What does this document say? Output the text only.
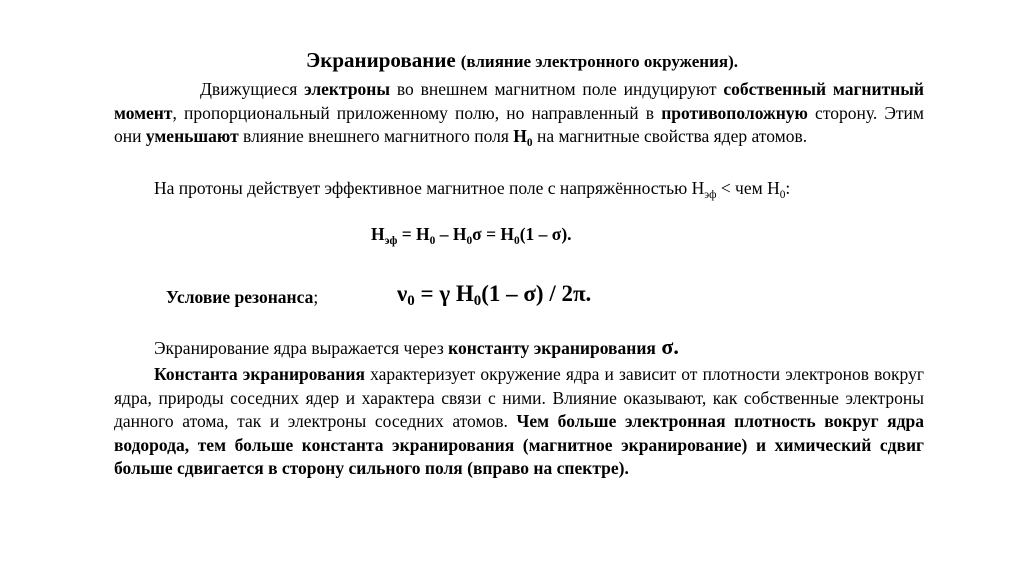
Экранирование (влияние электронного окружения).
Движущиеся электроны во внешнем магнитном поле индуцируют собственный магнитный момент, пропорциональный приложенному полю, но направленный в противоположную сторону. Этим они уменьшают влияние внешнего магнитного поля $H_0$ на магнитные свойства ядер атомов.
На протоны действует эффективное магнитное поле с напряжённостью $H_{эф}$ < чем $H_0$:
$H_{эф} = H_0 - H_0\sigma = H_0(1 - \sigma)$.
Условие резонанса;	$\nu_0 = \gamma$ $H_0(1 - \sigma) / 2\pi$.
Экранирование ядра выражается через константу экранирования σ.
Константа экранирования характеризует окружение ядра и зависит от плотности электронов вокруг ядра, природы соседних ядер и характера связи с ними. Влияние оказывают, как собственные электроны данного атома, так и электроны соседних атомов. Чем больше электронная плотность вокруг ядра водорода, тем больше константа экранирования (магнитное экранирование) и химический сдвиг больше сдвигается в сторону сильного поля (вправо на спектре).
